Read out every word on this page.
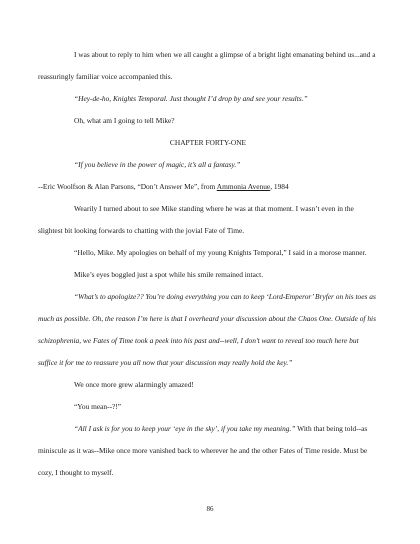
I was about to reply to him when we all caught a glimpse of a bright light emanating behind us...and a reassuringly familiar voice accompanied this.

“Hey-de-ho, Knights Temporal. Just thought I’d drop by and see your results.”

Oh, what am I going to tell Mike?

CHAPTER FORTY-ONE

“If you believe in the power of magic, it’s all a fantasy.”

--Eric Woolfson & Alan Parsons, “Don’t Answer Me”, from Ammonia Avenue, 1984

Wearily I turned about to see Mike standing where he was at that moment. I wasn’t even in the slightest bit looking forwards to chatting with the jovial Fate of Time.

“Hello, Mike. My apologies on behalf of my young Knights Temporal,” I said in a morose manner.

Mike’s eyes boggled just a spot while his smile remained intact.

“What’s to apologize?? You’re doing everything you can to keep ‘Lord-Emperor’ Bryfer on his toes as much as possible. Oh, the reason I’m here is that I overheard your discussion about the Chaos One. Outside of his schizophrenia, we Fates of Time took a peek into his past and--well, I don’t want to reveal too much here but suffice it for me to reassure you all now that your discussion may really hold the key.”

We once more grew alarmingly amazed!

“You mean--?!”

“All I ask is for you to keep your ‘eye in the sky’, if you take my meaning.” With that being told--as miniscule as it was--Mike once more vanished back to wherever he and the other Fates of Time reside. Must be cozy, I thought to myself.

86
